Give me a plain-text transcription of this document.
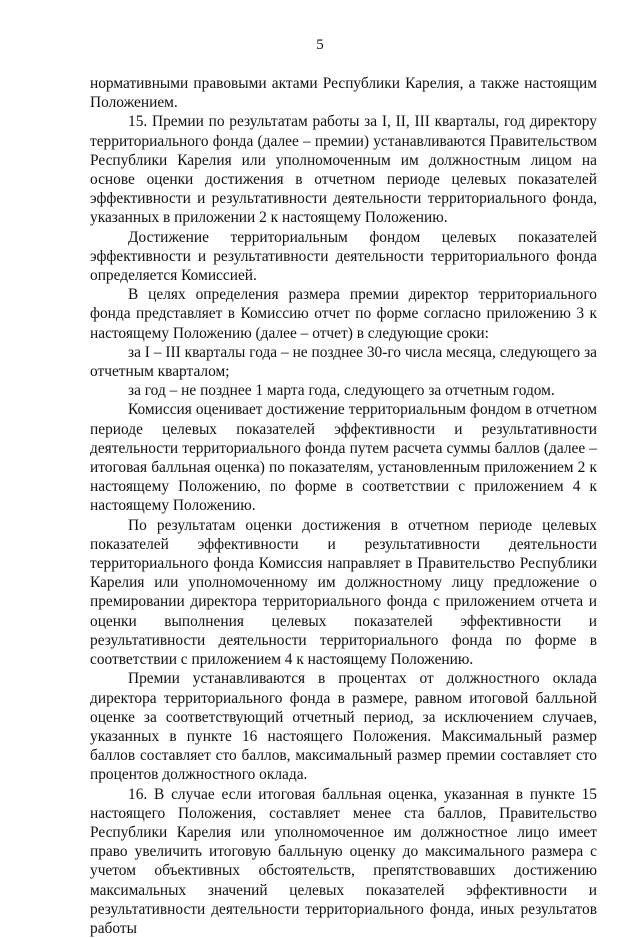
5

нормативными правовыми актами Республики Карелия, а также настоящим Положением.

15. Премии по результатам работы за I, II, III кварталы, год директору территориального фонда (далее – премии) устанавливаются Правительством Республики Карелия или уполномоченным им должностным лицом на основе оценки достижения в отчетном периоде целевых показателей эффективности и результативности деятельности территориального фонда, указанных в приложении 2 к настоящему Положению.

Достижение территориальным фондом целевых показателей эффективности и результативности деятельности территориального фонда определяется Комиссией.

В целях определения размера премии директор территориального фонда представляет в Комиссию отчет по форме согласно приложению 3 к настоящему Положению (далее – отчет) в следующие сроки:

за I – III кварталы года – не позднее 30-го числа месяца, следующего за отчетным кварталом;

за год – не позднее 1 марта года, следующего за отчетным годом.

Комиссия оценивает достижение территориальным фондом в отчетном периоде целевых показателей эффективности и результативности деятельности территориального фонда путем расчета суммы баллов (далее – итоговая балльная оценка) по показателям, установленным приложением 2 к настоящему Положению, по форме в соответствии с приложением 4 к настоящему Положению.

По результатам оценки достижения в отчетном периоде целевых показателей эффективности и результативности деятельности территориального фонда Комиссия направляет в Правительство Республики Карелия или уполномоченному им должностному лицу предложение о премировании директора территориального фонда с приложением отчета и оценки выполнения целевых показателей эффективности и результативности деятельности территориального фонда по форме в соответствии с приложением 4 к настоящему Положению.

Премии устанавливаются в процентах от должностного оклада директора территориального фонда в размере, равном итоговой балльной оценке за соответствующий отчетный период, за исключением случаев, указанных в пункте 16 настоящего Положения. Максимальный размер баллов составляет сто баллов, максимальный размер премии составляет сто процентов должностного оклада.

16. В случае если итоговая балльная оценка, указанная в пункте 15 настоящего Положения, составляет менее ста баллов, Правительство Республики Карелия или уполномоченное им должностное лицо имеет право увеличить итоговую балльную оценку до максимального размера с учетом объективных обстоятельств, препятствовавших достижению максимальных значений целевых показателей эффективности и результативности деятельности территориального фонда, иных результатов работы
